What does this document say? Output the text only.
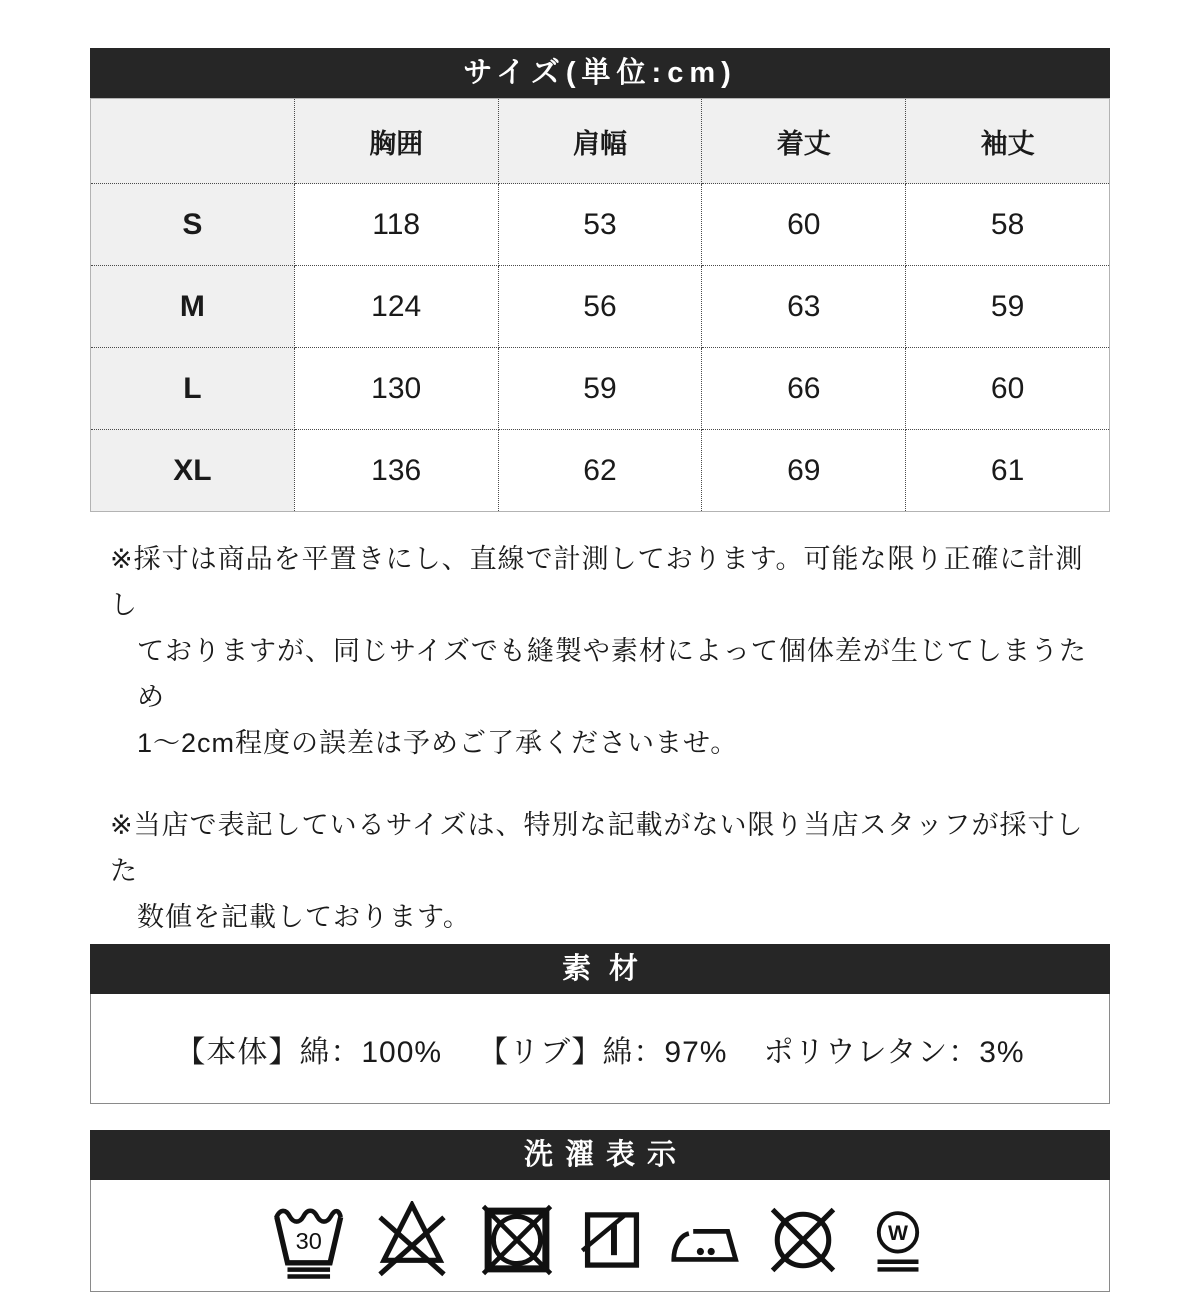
サイズ(単位:cm)
	胸囲	肩幅	着丈	袖丈
S	118	53	60	58
M	124	56	63	59
L	130	59	66	60
XL	136	62	69	61
※採寸は商品を平置きにし、直線で計測しております。可能な限り正確に計測し
ておりますが、同じサイズでも縫製や素材によって個体差が生じてしまうため
1〜2cm程度の誤差は予めご了承くださいませ。
※当店で表記しているサイズは、特別な記載がない限り当店スタッフが採寸した
数値を記載しております。
素材
【本体】綿：100% 【リブ】綿：97% ポリウレタン：3%
洗濯表示
30	W
